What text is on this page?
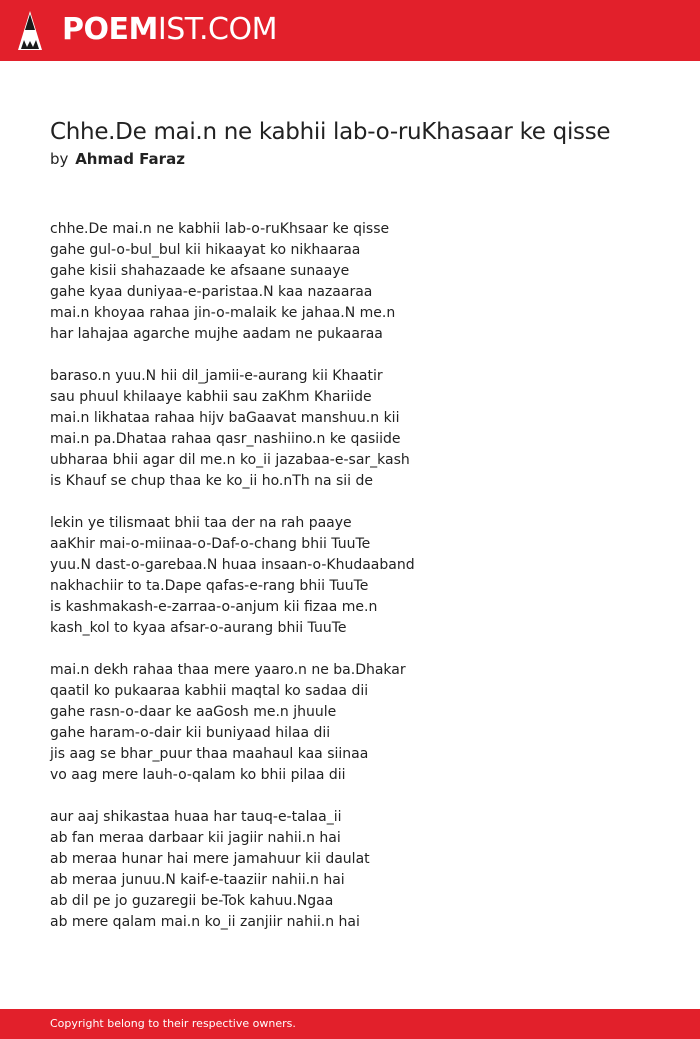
POEMIST.COM
Chhe.De mai.n ne kabhii lab-o-ruKhasaar ke qisse
by Ahmad Faraz
chhe.De mai.n ne kabhii lab-o-ruKhsaar ke qisse
gahe gul-o-bul_bul kii hikaayat ko nikhaaraa
gahe kisii shahazaade ke afsaane sunaaye
gahe kyaa duniyaa-e-paristaa.N kaa nazaaraa
mai.n khoyaa rahaa jin-o-malaik ke jahaa.N me.n
har lahajaa agarche mujhe aadam ne pukaaraa
baraso.n yuu.N hii dil_jamii-e-aurang kii Khaatir
sau phuul khilaaye kabhii sau zaKhm Khariide
mai.n likhataa rahaa hijv baGaavat manshuu.n kii
mai.n pa.Dhataa rahaa qasr_nashiino.n ke qasiide
ubharaa bhii agar dil me.n ko_ii jazabaa-e-sar_kash
is Khauf se chup thaa ke ko_ii ho.nTh na sii de
lekin ye tilismaat bhii taa der na rah paaye
aaKhir mai-o-miinaa-o-Daf-o-chang bhii TuuTe
yuu.N dast-o-garebaa.N huaa insaan-o-Khudaaband
nakhachiir to ta.Dape qafas-e-rang bhii TuuTe
is kashmakash-e-zarraa-o-anjum kii fizaa me.n
kash_kol to kyaa afsar-o-aurang bhii TuuTe
mai.n dekh rahaa thaa mere yaaro.n ne ba.Dhakar
qaatil ko pukaaraa kabhii maqtal ko sadaa dii
gahe rasn-o-daar ke aaGosh me.n jhuule
gahe haram-o-dair kii buniyaad hilaa dii
jis aag se bhar_puur thaa maahaul kaa siinaa
vo aag mere lauh-o-qalam ko bhii pilaa dii
aur aaj shikastaa huaa har tauq-e-talaa_ii
ab fan meraa darbaar kii jagiir nahii.n hai
ab meraa hunar hai mere jamahuur kii daulat
ab meraa junuu.N kaif-e-taaziir nahii.n hai
ab dil pe jo guzaregii be-Tok kahuu.Ngaa
ab mere qalam mai.n ko_ii zanjiir nahii.n hai
Copyright belong to their respective owners.
